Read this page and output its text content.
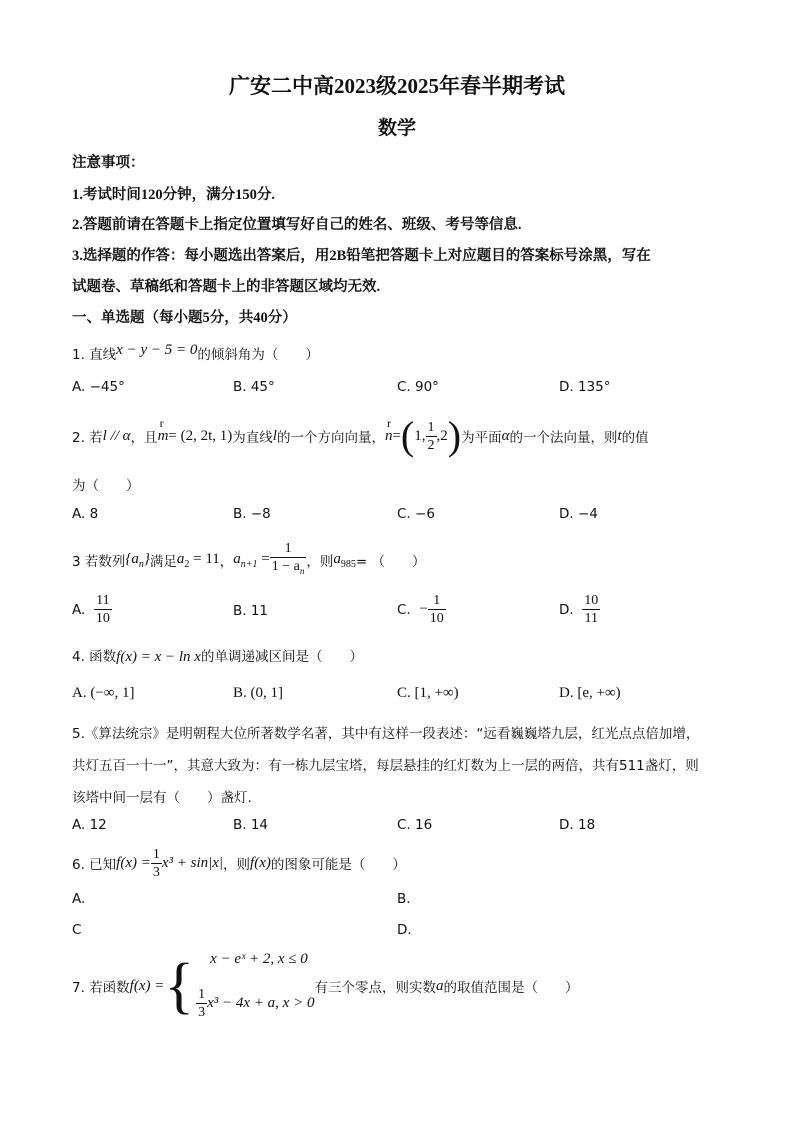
广安二中高2023级2025年春半期考试
数学
注意事项：
1.考试时间120分钟，满分150分.
2.答题前请在答题卡上指定位置填写好自己的姓名、班级、考号等信息.
3.选择题的作答：每小题选出答案后，用2B铅笔把答题卡上对应题目的答案标号涂黑，写在
试题卷、草稿纸和答题卡上的非答题区域均无效.
一、单选题（每小题5分，共40分）
1. 直线x − y − 5 = 0的倾斜角为（　　）
A. −45°	B. 45°	C. 90°	D. 135°
2. 若 l // α ，且
r
m = (2, 2t, 1) 为直线 l 的一个方向向量，
r
n = ( 1, $\frac{1}{2} ,2$ ) 为平面 α 的一个法向量，则 t 的值
为（　　）
A. 8	B. −8	C. −6	D. −4
3 若数列 $\{a_n\}$ 满足 $a_2 = 11$ ， $a_{n+1} = \frac{1}{1 - a_n}$ ，则 $a_{985}$ = （　　）
A.
$\frac{11}{10}$	B. 11	C.
− $\frac{1}{10}$	D.
$\frac{10}{11}$
4. 函数f(x) = x − ln x的单调递减区间是（　　）
A. (−∞, 1]	B. (0, 1]	C. [1, +∞)	D. [e, +∞)
5.《算法统宗》是明朝程大位所著数学名著，其中有这样一段表述：“远看巍巍塔九层，红光点点倍加增，
共灯五百一十一”，其意大致为：有一栋九层宝塔，每层悬挂的红灯数为上一层的两倍，共有511盏灯，则
该塔中间一层有（　　）盏灯.
A. 12	B. 14	C. 16	D. 18
6. 已知 $f(x) = \frac{1}{3} x^3 + \sin|x|$ ，则 f(x) 的图象可能是（　　）
A.	B.
C	D.
7. 若函数 f(x) = {	x − eˣ + 2, x ≤ 0
$\frac{1}{3} x^3 - 4x + a$, x > 0
有三个零点，则实数 a 的取值范围是（　　）
